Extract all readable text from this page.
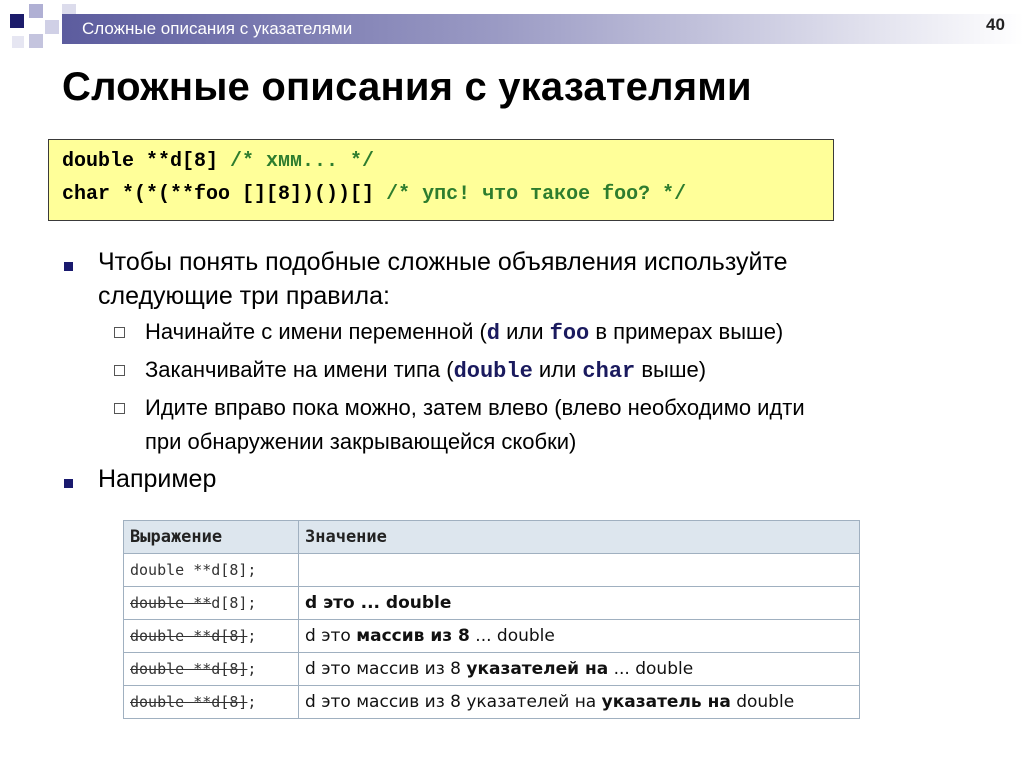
Сложные описания с указателями	40
Сложные описания с указателями
double **d[8] /* хмм... */
char *(*(**foo [][8])())[] /* упс! что такое foo? */
Чтобы понять подобные сложные объявления используйте
следующие три правила:
Начинайте с имени переменной (d или foo в примерах выше)
Заканчивайте на имени типа (double или char выше)
Идите вправо пока можно, затем влево (влево необходимо идти
при обнаружении закрывающейся скобки)
Например
Выражение	Значение
double **d[8];	
double **d[8];	d это ... double
double **d[8];	d это массив из 8 ... double
double **d[8];	d это массив из 8 указателей на ... double
double **d[8];	d это массив из 8 указателей на указатель на double
